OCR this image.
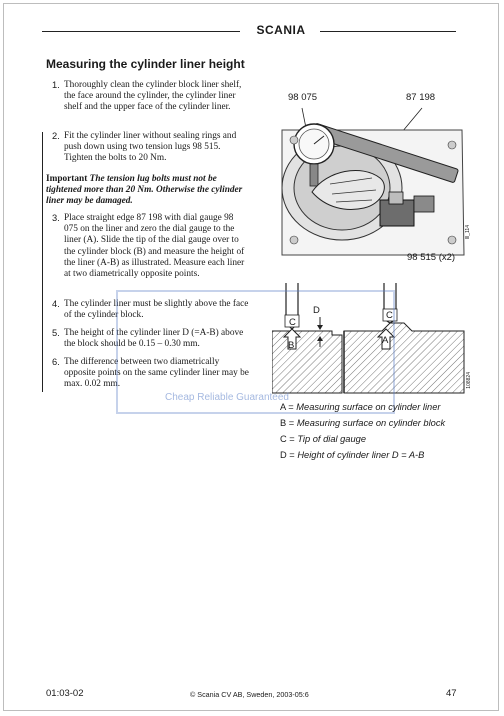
SCANIA
Measuring the cylinder liner height
1. Thoroughly clean the cylinder block liner shelf, the face around the cylinder, the cylinder liner shelf and the upper face of the cylinder liner.
2. Fit the cylinder liner without sealing rings and push down using two tension lugs 98 515. Tighten the bolts to 20 Nm.
Important The tension lug bolts must not be tightened more than 20 Nm. Otherwise the cylinder liner may be damaged.
3. Place straight edge 87 198 with dial gauge 98 075 on the liner and zero the dial gauge to the liner (A). Slide the tip of the dial gauge over to the cylinder block (B) and measure the height of the liner (A-B) as illustrated. Measure each liner at two diametrically opposite points.
4. The cylinder liner must be slightly above the face of the cylinder block.
5. The height of the cylinder liner D (=A-B) above the block should be 0.15 – 0.30 mm.
6. The difference between two diametrically opposite points on the same cylinder liner may be max. 0.02 mm.
98 075	87 198
Ill_114
98 515 (x2)
C
C
D
B	A
108824
Cheap Reliable Guaranteed
A = Measuring surface on cylinder liner
B = Measuring surface on cylinder block
C = Tip of dial gauge
D = Height of cylinder liner D = A-B
01:03-02	© Scania CV AB, Sweden, 2003-05:6	47
